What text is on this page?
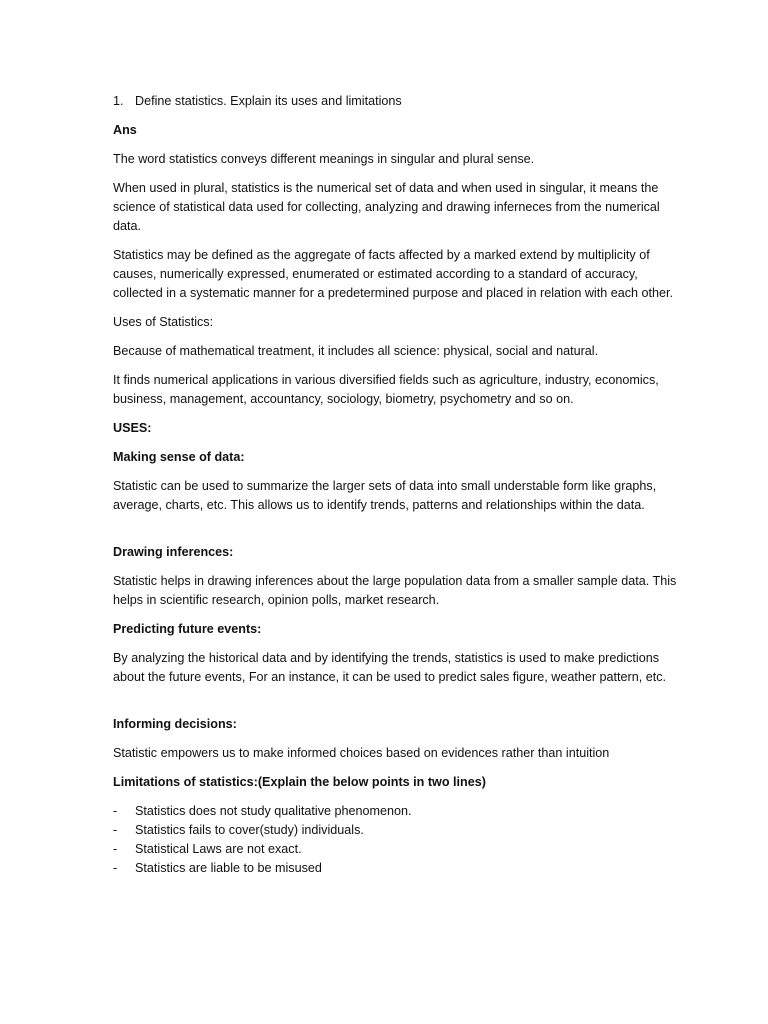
1. Define statistics. Explain its uses and limitations

Ans

The word statistics conveys different meanings in singular and plural sense.

When used in plural, statistics is the numerical set of data and when used in singular, it means the science of statistical data used for collecting, analyzing and drawing inferneces from the numerical data.

Statistics may be defined as the aggregate of facts affected by a marked extend by multiplicity of causes, numerically expressed, enumerated or estimated according to a standard of accuracy, collected in a systematic manner for a predetermined purpose and placed in relation with each other.

Uses of Statistics:

Because of mathematical treatment, it includes all science: physical, social and natural.

It finds numerical applications in various diversified fields such as agriculture, industry, economics, business, management, accountancy, sociology, biometry, psychometry and so on.

USES:

Making sense of data:

Statistic can be used to summarize the larger sets of data into small understable form like graphs, average, charts, etc. This allows us to identify trends, patterns and relationships within the data.

Drawing inferences:

Statistic helps in drawing inferences about the large population data from a smaller sample data. This helps in scientific research, opinion polls, market research.

Predicting future events:

By analyzing the historical data and by identifying the trends, statistics is used to make predictions about the future events, For an instance, it can be used to predict sales figure, weather pattern, etc.

Informing decisions:

Statistic empowers us to make informed choices based on evidences rather than intuition

Limitations of statistics:(Explain the below points in two lines)

-	Statistics does not study qualitative phenomenon.
-	Statistics fails to cover(study) individuals.
-	Statistical Laws are not exact.
-	Statistics are liable to be misused
